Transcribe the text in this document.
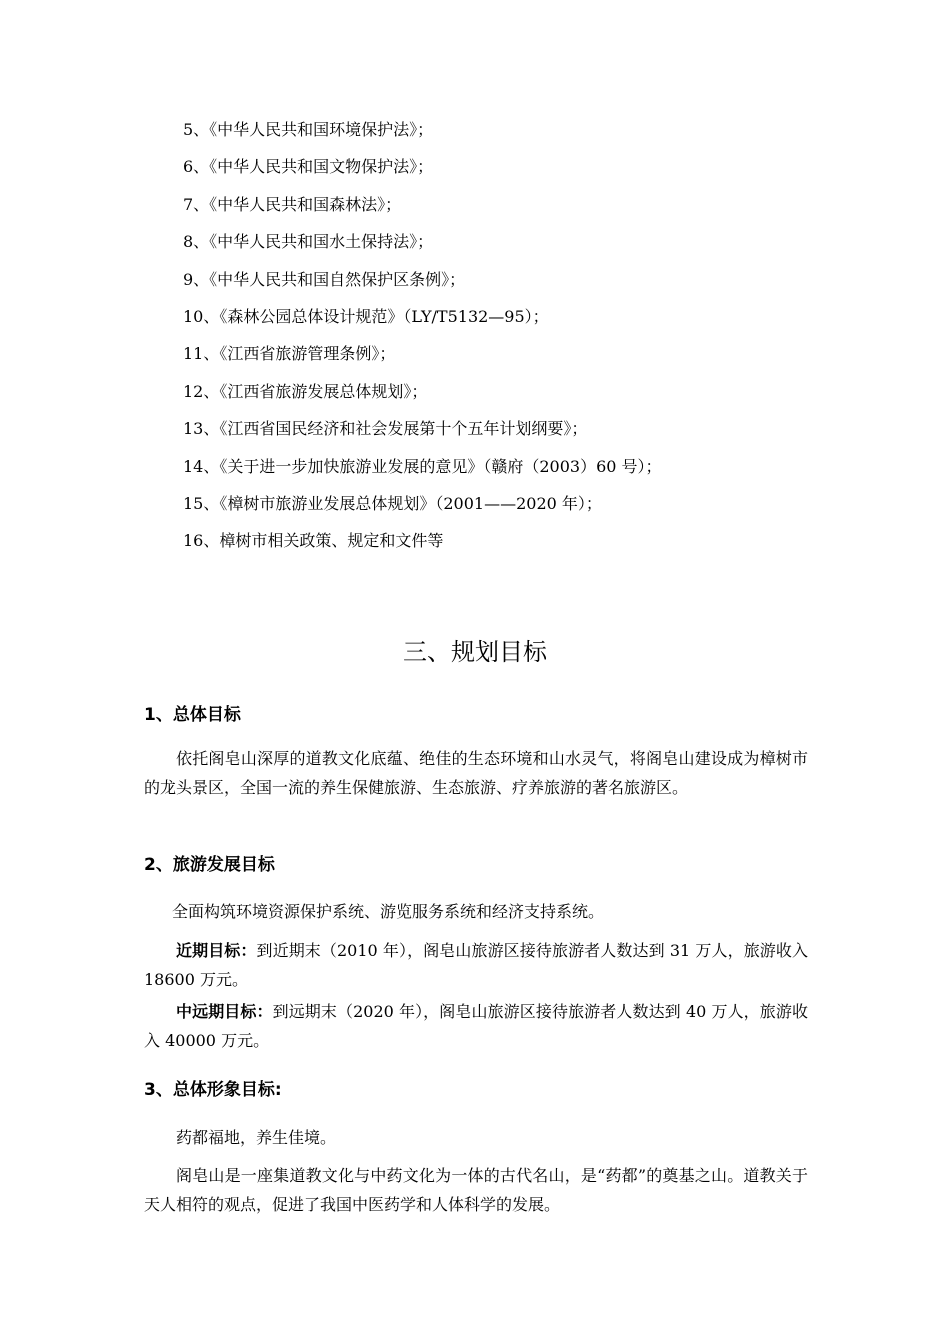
5、《中华人民共和国环境保护法》；
6、《中华人民共和国文物保护法》；
7、《中华人民共和国森林法》；
8、《中华人民共和国水土保持法》；
9、《中华人民共和国自然保护区条例》；
10、《森林公园总体设计规范》（LY/T5132—95）；
11、《江西省旅游管理条例》；
12、《江西省旅游发展总体规划》；
13、《江西省国民经济和社会发展第十个五年计划纲要》；
14、《关于进一步加快旅游业发展的意见》（赣府（2003）60 号）；
15、《樟树市旅游业发展总体规划》（2001——2020 年）；
16、樟树市相关政策、规定和文件等
三、规划目标
1、总体目标

依托阁皂山深厚的道教文化底蕴、绝佳的生态环境和山水灵气，将阁皂山建设成为樟树市的龙头景区，全国一流的养生保健旅游、生态旅游、疗养旅游的著名旅游区。

2、旅游发展目标

全面构筑环境资源保护系统、游览服务系统和经济支持系统。

近期目标：到近期末（2010 年），阁皂山旅游区接待旅游者人数达到 31 万人，旅游收入 18600 万元。

中远期目标：到远期末（2020 年），阁皂山旅游区接待旅游者人数达到 40 万人，旅游收入 40000 万元。

3、总体形象目标:

药都福地，养生佳境。

阁皂山是一座集道教文化与中药文化为一体的古代名山，是“药都”的奠基之山。道教关于天人相符的观点，促进了我国中医药学和人体科学的发展。
